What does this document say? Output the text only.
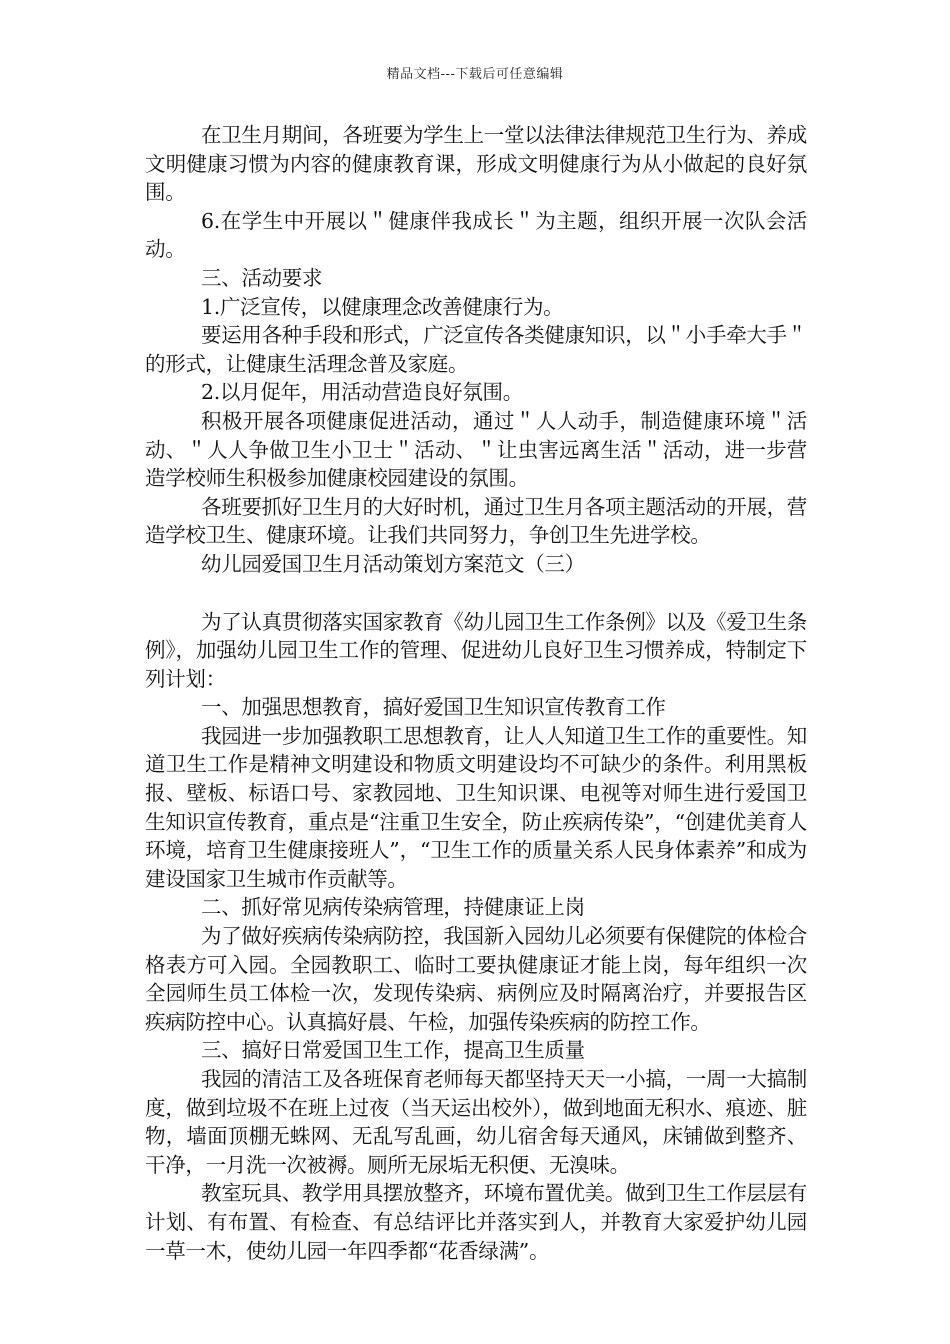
精品文档---下载后可任意编辑

在卫生月期间，各班要为学生上一堂以法律法律规范卫生行为、养成文明健康习惯为内容的健康教育课，形成文明健康行为从小做起的良好氛围。

6.在学生中开展以＂健康伴我成长＂为主题，组织开展一次队会活动。

三、活动要求

1.广泛宣传，以健康理念改善健康行为。

要运用各种手段和形式，广泛宣传各类健康知识，以＂小手牵大手＂的形式，让健康生活理念普及家庭。

2.以月促年，用活动营造良好氛围。

积极开展各项健康促进活动，通过＂人人动手，制造健康环境＂活动、＂人人争做卫生小卫士＂活动、＂让虫害远离生活＂活动，进一步营造学校师生积极参加健康校园建设的氛围。

各班要抓好卫生月的大好时机，通过卫生月各项主题活动的开展，营造学校卫生、健康环境。让我们共同努力，争创卫生先进学校。

幼儿园爱国卫生月活动策划方案范文（三）

为了认真贯彻落实国家教育《幼儿园卫生工作条例》以及《爱卫生条例》，加强幼儿园卫生工作的管理、促进幼儿良好卫生习惯养成，特制定下列计划：

一、加强思想教育，搞好爱国卫生知识宣传教育工作

我园进一步加强教职工思想教育，让人人知道卫生工作的重要性。知道卫生工作是精神文明建设和物质文明建设均不可缺少的条件。利用黑板报、壁板、标语口号、家教园地、卫生知识课、电视等对师生进行爱国卫生知识宣传教育，重点是“注重卫生安全，防止疾病传染”，“创建优美育人环境，培育卫生健康接班人”，“卫生工作的质量关系人民身体素养”和成为建设国家卫生城市作贡献等。

二、抓好常见病传染病管理，持健康证上岗

为了做好疾病传染病防控，我国新入园幼儿必须要有保健院的体检合格表方可入园。全园教职工、临时工要执健康证才能上岗，每年组织一次全园师生员工体检一次，发现传染病、病例应及时隔离治疗，并要报告区疾病防控中心。认真搞好晨、午检，加强传染疾病的防控工作。

三、搞好日常爱国卫生工作，提高卫生质量

我园的清洁工及各班保育老师每天都坚持天天一小搞，一周一大搞制度，做到垃圾不在班上过夜（当天运出校外），做到地面无积水、痕迹、脏物，墙面顶棚无蛛网、无乱写乱画，幼儿宿舍每天通风，床铺做到整齐、干净，一月洗一次被褥。厕所无尿垢无积便、无溴味。

教室玩具、教学用具摆放整齐，环境布置优美。做到卫生工作层层有计划、有布置、有检查、有总结评比并落实到人，并教育大家爱护幼儿园一草一木，使幼儿园一年四季都“花香绿满”。
